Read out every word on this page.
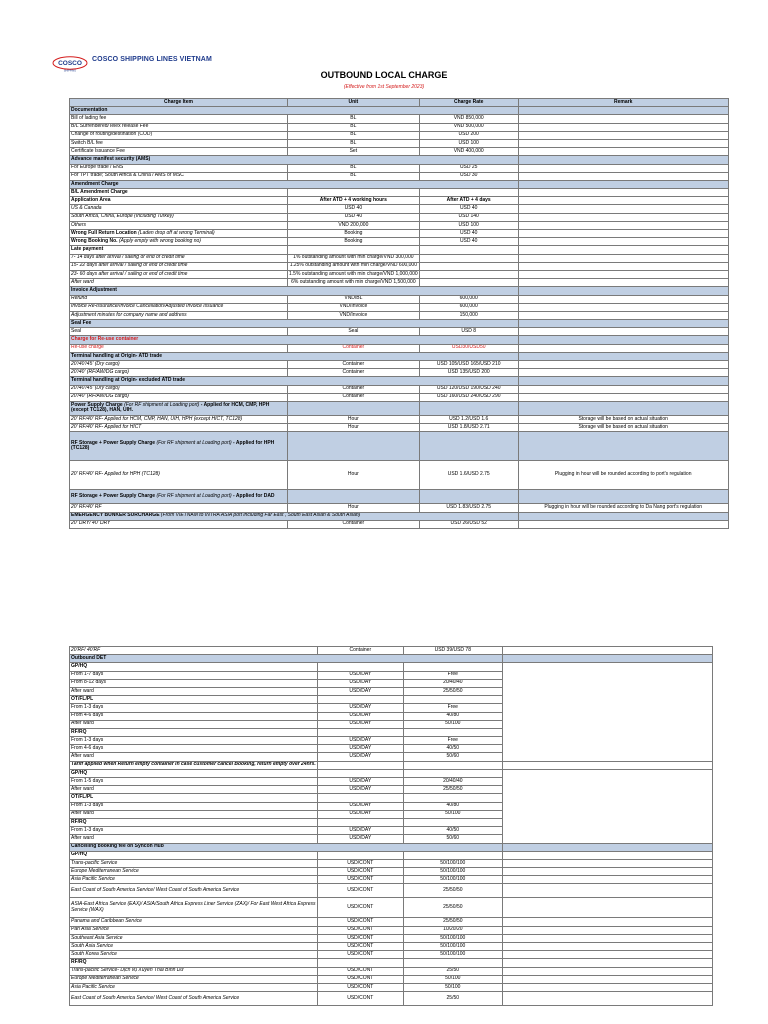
COSCO
SHIPPING
COSCO SHIPPING LINES VIETNAM
OUTBOUND LOCAL CHARGE
(Effective from 1st September 2023)
Charge Item	Unit	Charge Rate	Remark
Documentation			
Bill of lading fee	BL	VND 850,000	
B/L Surrendered/Telex release Fee	BL	VND 500,000	
Change of routing/destination (COD)	BL	USD 200	
Switch B/L fee	BL	USD 100	
Certificate Issuance Fee	Set	VND 400,000	
Advance manifest security (AMS)			
For Europe trade / ENS	BL	USD 25	
For TPT trade; South Africa & China / AMS or MSC	BL	USD 30	
Amendment Charge			
B/L Amendment Charge			
Application Area	After ATD + 4 working hours	After ATD + 4 days	
US & Canada	USD 40	USD 40	
South Africa, China, Europe (Including Turkey)	USD 40	USD 140	
Others	VND 200,000	USD 100	
Wrong Full Return Location (Laden drop off at wrong Terminal)	Booking	USD 40	
Wrong Booking No. (Apply empty with wrong booking no)	Booking	USD 40	
Late payment			
7- 14 days after arrival / sailing or end of credit time	1% outstanding amount with min charge/VND 300,000		
15- 22 days after arrival / sailing or end of credit time	1.25% outstanding amount with min charge/VND 600,000		
23- 60 days after arrival / sailing or end of credit time	1.5% outstanding amount with min charge/VND 1,000,000		
After ward	6% outstanding amount with min charge/VND 1,500,000		
Invoice Adjustment			
Refund	VND/BL	600,000	
Invoice Re-issurance/Invoice Cancellation/Adjusted Invoice Issuance	VND/Invoice	600,000	
Adjustment minutes for company name and address	VND/Invoice	150,000	
Seal Fee			
Seal	Seal	USD 8	
Charge for Re-use container			
Re-use charge	Container	USD30/USD50	
Terminal handling at Origin- ATD trade			
20'/40'/45' (Dry cargo)	Container	USD 105/USD 165/USD 210	
20'/40' (RF/AW/DG cargo)	Container	USD 135/USD 200	
Terminal handling at Origin- excluded ATD trade			
20'/40'/45' (Dry cargo)	Container	USD 120/USD 190/USD 240	
20'/40' (RF/AW/DG cargo)	Container	USD 160/USD 240/USD 290	
Power Supply Charge (For RF shipment at Loading port) - Applied for HCM, CMP, HPH (except TC128), HAN, UIH.			
20' RF/40' RF- Applied for HCM, CMP, HAN, UIH, HPH (except HICT, TC128)	Hour	USD 1.2/USD 1.6	Storage will be based on actual situation
20' RF/40' RF- Applied for HICT	Hour	USD 1.8/USD 2.71	Storage will be based on actual situation
RF Storage + Power Supply Charge (For RF shipment at Loading port) - Applied for HPH (TC128)			
20' RF/40' RF- Applied for HPH (TC128)	Hour	USD 1.6/USD 2.75	Plugging in hour will be rounded according to port's regulation
RF Storage + Power Supply Charge (For RF shipment at Loading port) - Applied for DAD			
20' RF/40' RF	Hour	USD 1.83/USD 2.75	Plugging in hour will be rounded according to Da Nang port's regulation
EMERGENCY BUNKER SURCHARGE (From VIETNAM to INTRA ASIA port including Far East , South East Asian & South Asian)			
20' DRY/ 40' DRY	Container	USD 26/USD 52	
20'RF/ 40'RF	Container	USD 39/USD 78	
Outbound DET			
GP/HQ			
From 1-7 days	USD/DAY	Free	
From 8-12 days	USD/DAY	20/40/40	
After ward	USD/DAY	25/50/50	
OT/FL/PL			
From 1-3 days	USD/DAY	Free	
From 4-6 days	USD/DAY	40/80	
After ward	USD/DAY	50/100	
RF/RQ			
From 1-3 days	USD/DAY	Free	
From 4-6 days	USD/DAY	40/50	
After ward	USD/DAY	50/60	
Tariff applied when Return empty container in case customer cancel Booking, return empty over 24hrs.			
GP/HQ			
From 1-5 days	USD/DAY	20/40/40	
After ward	USD/DAY	25/50/50	
OT/FL/PL			
From 1-3 days	USD/DAY	40/80	
After ward	USD/DAY	50/100	
RF/RQ			
From 1-3 days	USD/DAY	40/50	
After ward	USD/DAY	50/60	
Cancelling booking fee on Syncon Hub			
GP/HQ			
Trans-pacific Service	USD/CONT	50/100/100	
Europe Mediterranean Service	USD/CONT	50/100/100	
Asia Pacific Service	USD/CONT	50/100/100	
East Coast of South America Service/ West Coast of South America Service	USD/CONT	25/50/50	
ASIA-East Africa Service (EAX)/ ASIA/South Africa Express Liner Service (ZAX)/ For East West Africa Express Service (WAX)	USD/CONT	25/50/50	
Panama and Caribbean Service	USD/CONT	25/50/50	
Pan Asia Service	USD/CONT	10/20/20	
Southeast Asia Service	USD/CONT	50/100/100	
South Asia Service	USD/CONT	50/100/100	
South Korea Service	USD/CONT	50/100/100	
RF/RQ			
Trans-pacific Service- Dịch vụ Xuyên Thái Bình Dư	USD/CONT	25/50	
Europe Mediterranean Service	USD/CONT	50/100	
Asia Pacific Service	USD/CONT	50/100	
East Coast of South America Service/ West Coast of South America Service	USD/CONT	25/50	
